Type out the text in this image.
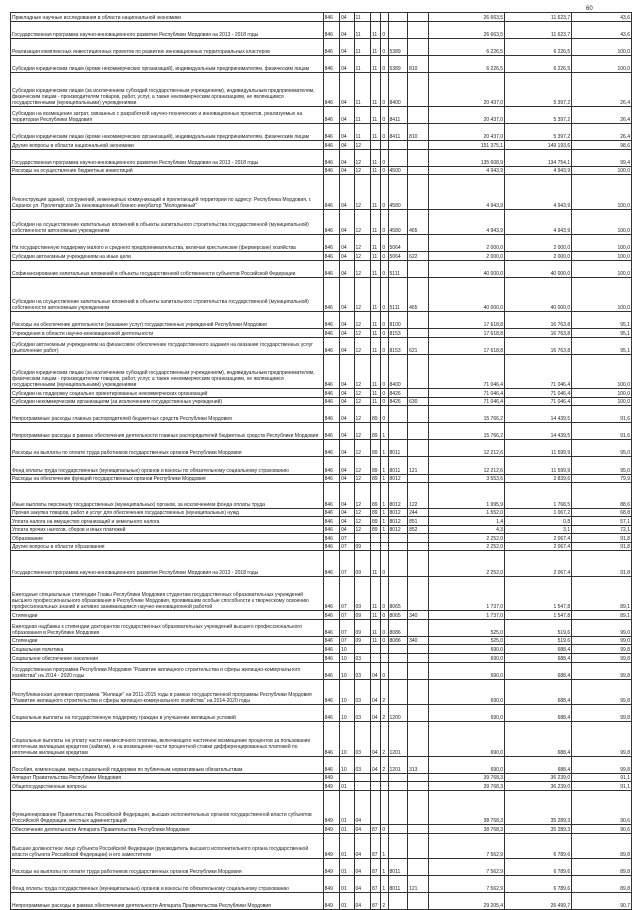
60
Прикладные научные исследования в области национальной экономики	846	04	11					26 663,5	11 623,7	43,6
Государственная программа научно-инновационного развития Республики Мордовия на 2013 - 2018 годы	846	04	11	11	0			26 663,5	11 623,7	43,6
Реализация комплексных инвестиционных проектов по развитию инновационных территориальных кластеров	846	04	11	11	0	5389		6 226,5	6 226,5	100,0
Субсидии юридическим лицам (кроме некоммерческих организаций), индивидуальным предпринимателям, физическим лицам	846	04	11	11	0	5389	810	6 226,5	6 226,5	100,0
Субсидии юридическим лицам (за исключением субсидий государственным учреждениям), индивидуальным предпринимателям, физическим лицам - производителям товаров, работ, услуг, а также некоммерческим организациям, не являющимся государственными (муниципальными) учреждениями	846	04	11	11	0	8400		20 437,0	5 397,2	26,4
Субсидии на возмещение затрат, связанных с разработкой научно-технических и инновационных проектов, реализуемых на территории Республики Мордовия	846	04	11	11	0	8411		20 437,0	5 397,2	26,4
Субсидии юридическим лицам (кроме некоммерческих организаций), индивидуальным предпринимателям, физическим лицам	846	04	11	11	0	8411	810	20 437,0	5 397,2	26,4
Другие вопросы в области национальной экономики	846	04	12					151 375,1	149 193,6	98,6
Государственная программа научно-инновационного развития Республики Мордовия на 2013 - 2018 годы	846	04	12	11	0			135 608,9	134 754,1	99,4
Расходы на осуществление бюджетных инвестиций	846	04	12	11	0	4500		4 943,9	4 943,9	100,0
Реконструкция зданий, сооружений, инженерных коммуникаций и прилегающей территории по адресу: Республика Мордовия, г. Саранск ул. Пролетарская 2а инновационный бизнес-инкубатор "Молодежный"	846	04	12	11	0	4580		4 943,9	4 943,9	100,0
Субсидии на осуществление капитальных вложений в объекты капитального строительства государственной (муниципальной) собственности автономным учреждениям	846	04	12	11	0	4580	465	4 943,9	4 943,9	100,0
На государственную поддержку малого и среднего предпринимательства, включая крестьянские (фермерские) хозяйства	846	04	12	11	0	5064		2 000,0	2 000,0	100,0
Субсидии автономным учреждениям на иные цели	846	04	12	11	0	5064	622	2 000,0	2 000,0	100,0
Софинансирование капитальных вложений в объекты государственной собственности субъектов Российской Федерации	846	04	12	11	0	5111		40 000,0	40 000,0	100,0
Субсидии на осуществление капитальных вложений в объекты капитального строительства государственной (муниципальной) собственности автономным учреждениям	846	04	12	11	0	5111	465	40 000,0	40 000,0	100,0
Расходы на обеспечение деятельности (оказание услуг) государственных учреждений Республики Мордовия	846	04	12	11	0	8100		17 618,8	16 763,8	95,1
Учреждения в области научно-инновационной деятельности	846	04	12	11	0	8153		17 618,8	16 763,8	95,1
Субсидии автономным учреждениям на финансовое обеспечение государственного задания на оказание государственных услуг (выполнение работ)	846	04	12	11	0	8153	621	17 618,8	16 763,8	95,1
Субсидии юридическим лицам (за исключением субсидий государственным учреждениям), индивидуальным предпринимателям, физическим лицам - производителям товаров, работ, услуг, а также некоммерческим организациям, не являющимся государственными (муниципальными) учреждениями	846	04	12	11	0	8400		71 046,4	71 046,4	100,0
Субсидии на поддержку социально ориентированных некоммерческих организаций	846	04	12	11	0	8426		71 046,4	71 046,4	100,0
Субсидии некоммерческим организациям (за исключением государственных учреждений)	846	04	12	11	0	8426	630	71 046,4	71 046,4	100,0
Непрограммные расходы главных распорядителей бюджетных средств Республики Мордовия	846	04	12	89	0			15 766,2	14 439,5	91,6
Непрограммные расходы в рамках обеспечения деятельности главных распорядителей бюджетных средств Республики Мордовия	846	04	12	89	1			15 766,2	14 439,5	91,6
Расходы на выплаты по оплате труда работников государственных органов Республики Мордовия	846	04	12	89	1	8011		12 212,6	11 599,9	95,0
Фонд оплаты труда государственных (муниципальных) органов и взносы по обязательному социальному страхованию	846	04	12	89	1	8011	121	12 212,6	11 599,9	95,0
Расходы на обеспечение функций государственных органов Республики Мордовия	846	04	12	89	1	8012		3 553,6	2 839,6	79,9
Иные выплаты персоналу государственных (муниципальных) органов, за исключением фонда оплаты труда	846	04	12	89	1	8012	122	1 995,9	1 768,5	88,6
Прочая закупка товаров, работ и услуг для обеспечения государственных (муниципальных) нужд	846	04	12	89	1	8012	244	1 552,0	1 067,2	68,8
Уплата налога на имущество организаций и земельного налога	846	04	12	89	1	8012	851	1,4	0,8	57,1
Уплата прочих налогов, сборов и иных платежей	846	04	12	89	1	8012	852	4,3	3,1	72,1
Образование	846	07						2 252,0	2 067,4	91,8
Другие вопросы в области образования	846	07	09					2 252,0	2 067,4	91,8
Государственная программа научно-инновационного развития Республики Мордовия на 2013 - 2018 годы	846	07	09	11	0			2 252,0	2 067,4	91,8
Ежегодные специальные стипендии Главы Республики Мордовия студентам государственных образовательных учреждений высшего профессионального образования в Республике Мордовия, проявившим особые способности к творческому освоению профессиональных знаний и активно занимающимся научно-инновационной работой	846	07	09	11	0	8065		1 737,0	1 547,8	89,1
Стипендии	846	07	09	11	0	8065	340	1 737,0	1 547,8	89,1
Ежегодная надбавка к стипендии докторантов государственных образовательных учреждений высшего профессионального образования в Республике Мордовия	846	07	09	11	0	8086		525,0	519,6	99,0
Стипендии	846	07	09	11	0	8086	340	525,0	519,6	99,0
Социальная политика	846	10						690,0	688,4	99,8
Социальное обеспечение населения	846	10	03					690,0	688,4	99,8
Государственная программа Республики Мордовия "Развитие жилищного строительства и сферы жилищно-коммунального хозяйства" на 2014 - 2020 годы	846	10	03	04	0			690,0	688,4	99,8
Республиканская целевая программа "Жилище" на 2011-2015 годы в рамках государственной программы Республики Мордовия "Развитие жилищного строительства и сферы жилищно-коммунального хозяйства" на 2014-2020 годы	846	10	03	04	2			690,0	688,4	99,8
Социальные выплаты на государственную поддержку граждан в улучшении жилищных условий	846	10	03	04	2	1200		690,0	688,4	99,8
Социальные выплаты на уплату части ежемесячного платежа, включающего частичное возмещение процентов за пользование ипотечным жилищным кредитом (займом), и на возмещение части процентной ставки дифференцированных платежей по ипотечным жилищным кредитам	846	10	03	04	2	1201		690,0	688,4	99,8
Пособия, компенсации, меры социальной поддержки по публичным нормативным обязательствам	846	10	03	04	2	1201	313	690,0	688,4	99,8
Аппарат Правительства Республики Мордовия	849							39 768,3	36 239,0	91,1
Общегосударственные вопросы	849	01						39 768,3	36 239,0	91,1
Функционирование Правительства Российской Федерации, высших исполнительных органов государственной власти субъектов Российской Федерации, местных администраций	849	01	04					38 768,3	35 289,3	90,6
Обеспечение деятельности Аппарата Правительства Республики Мордовия	849	01	04	87	0			38 768,3	35 289,3	90,6
Высшее должностное лицо субъекта Российской Федерации (руководитель высшего исполнительного органа государственной власти субъекта Российской Федерации) и его заместители	849	01	04	87	1			7 562,9	6 789,6	89,8
Расходы на выплаты по оплате труда работников государственных органов Республики Мордовия	849	01	04	87	1	8011		7 562,9	6 789,6	89,8
Фонд оплаты труда государственных (муниципальных) органов и взносы по обязательному социальному страхованию	849	01	04	87	1	8011	121	7 562,9	6 789,6	89,8
Непрограммные расходы в рамках обеспечения деятельности Аппарата Правительства Республики Мордовия	849	01	04	87	2			29 205,4	26 499,7	90,7
